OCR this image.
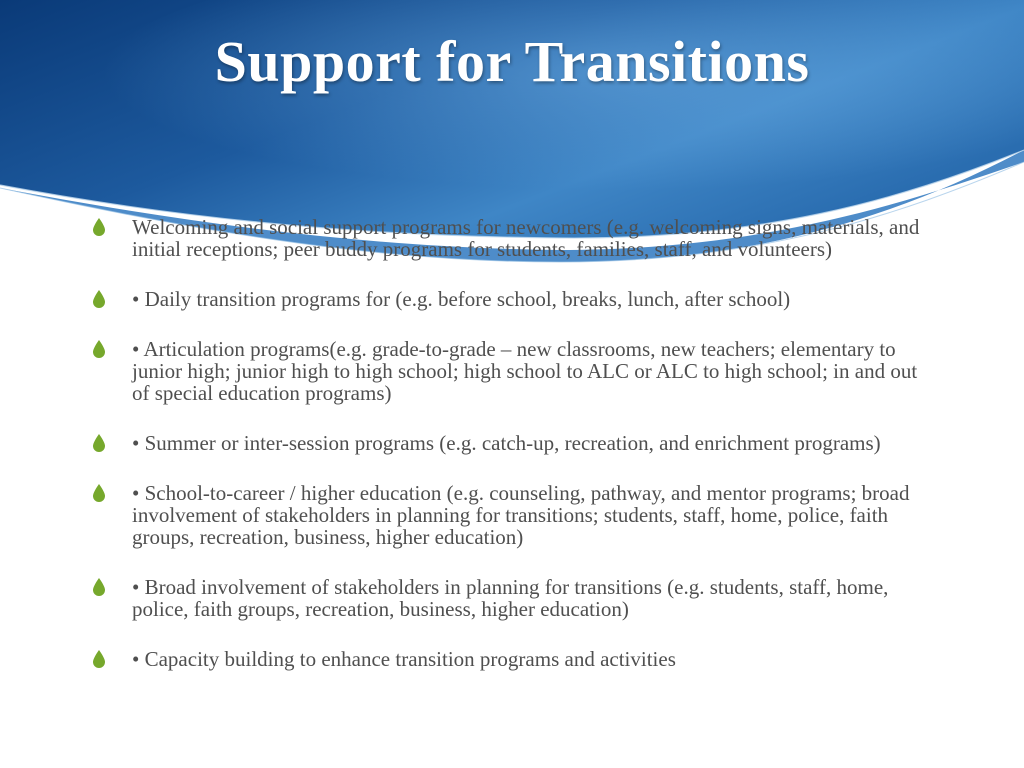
Support for Transitions
Welcoming and social support programs for newcomers (e.g. welcoming signs, materials, and initial receptions; peer buddy programs for students, families, staff, and volunteers)
• Daily transition programs for (e.g. before school, breaks, lunch, after school)
• Articulation programs(e.g. grade-to-grade – new classrooms, new teachers; elementary to junior high; junior high to high school; high school to ALC or ALC to high school; in and out of special education programs)
• Summer or inter-session programs (e.g. catch-up, recreation, and enrichment programs)
• School-to-career / higher education (e.g. counseling, pathway, and mentor programs; broad involvement of stakeholders in planning for transitions; students, staff, home, police, faith groups, recreation, business, higher education)
• Broad involvement of stakeholders in planning for transitions (e.g. students, staff, home, police, faith groups, recreation, business, higher education)
• Capacity building to enhance transition programs and activities
